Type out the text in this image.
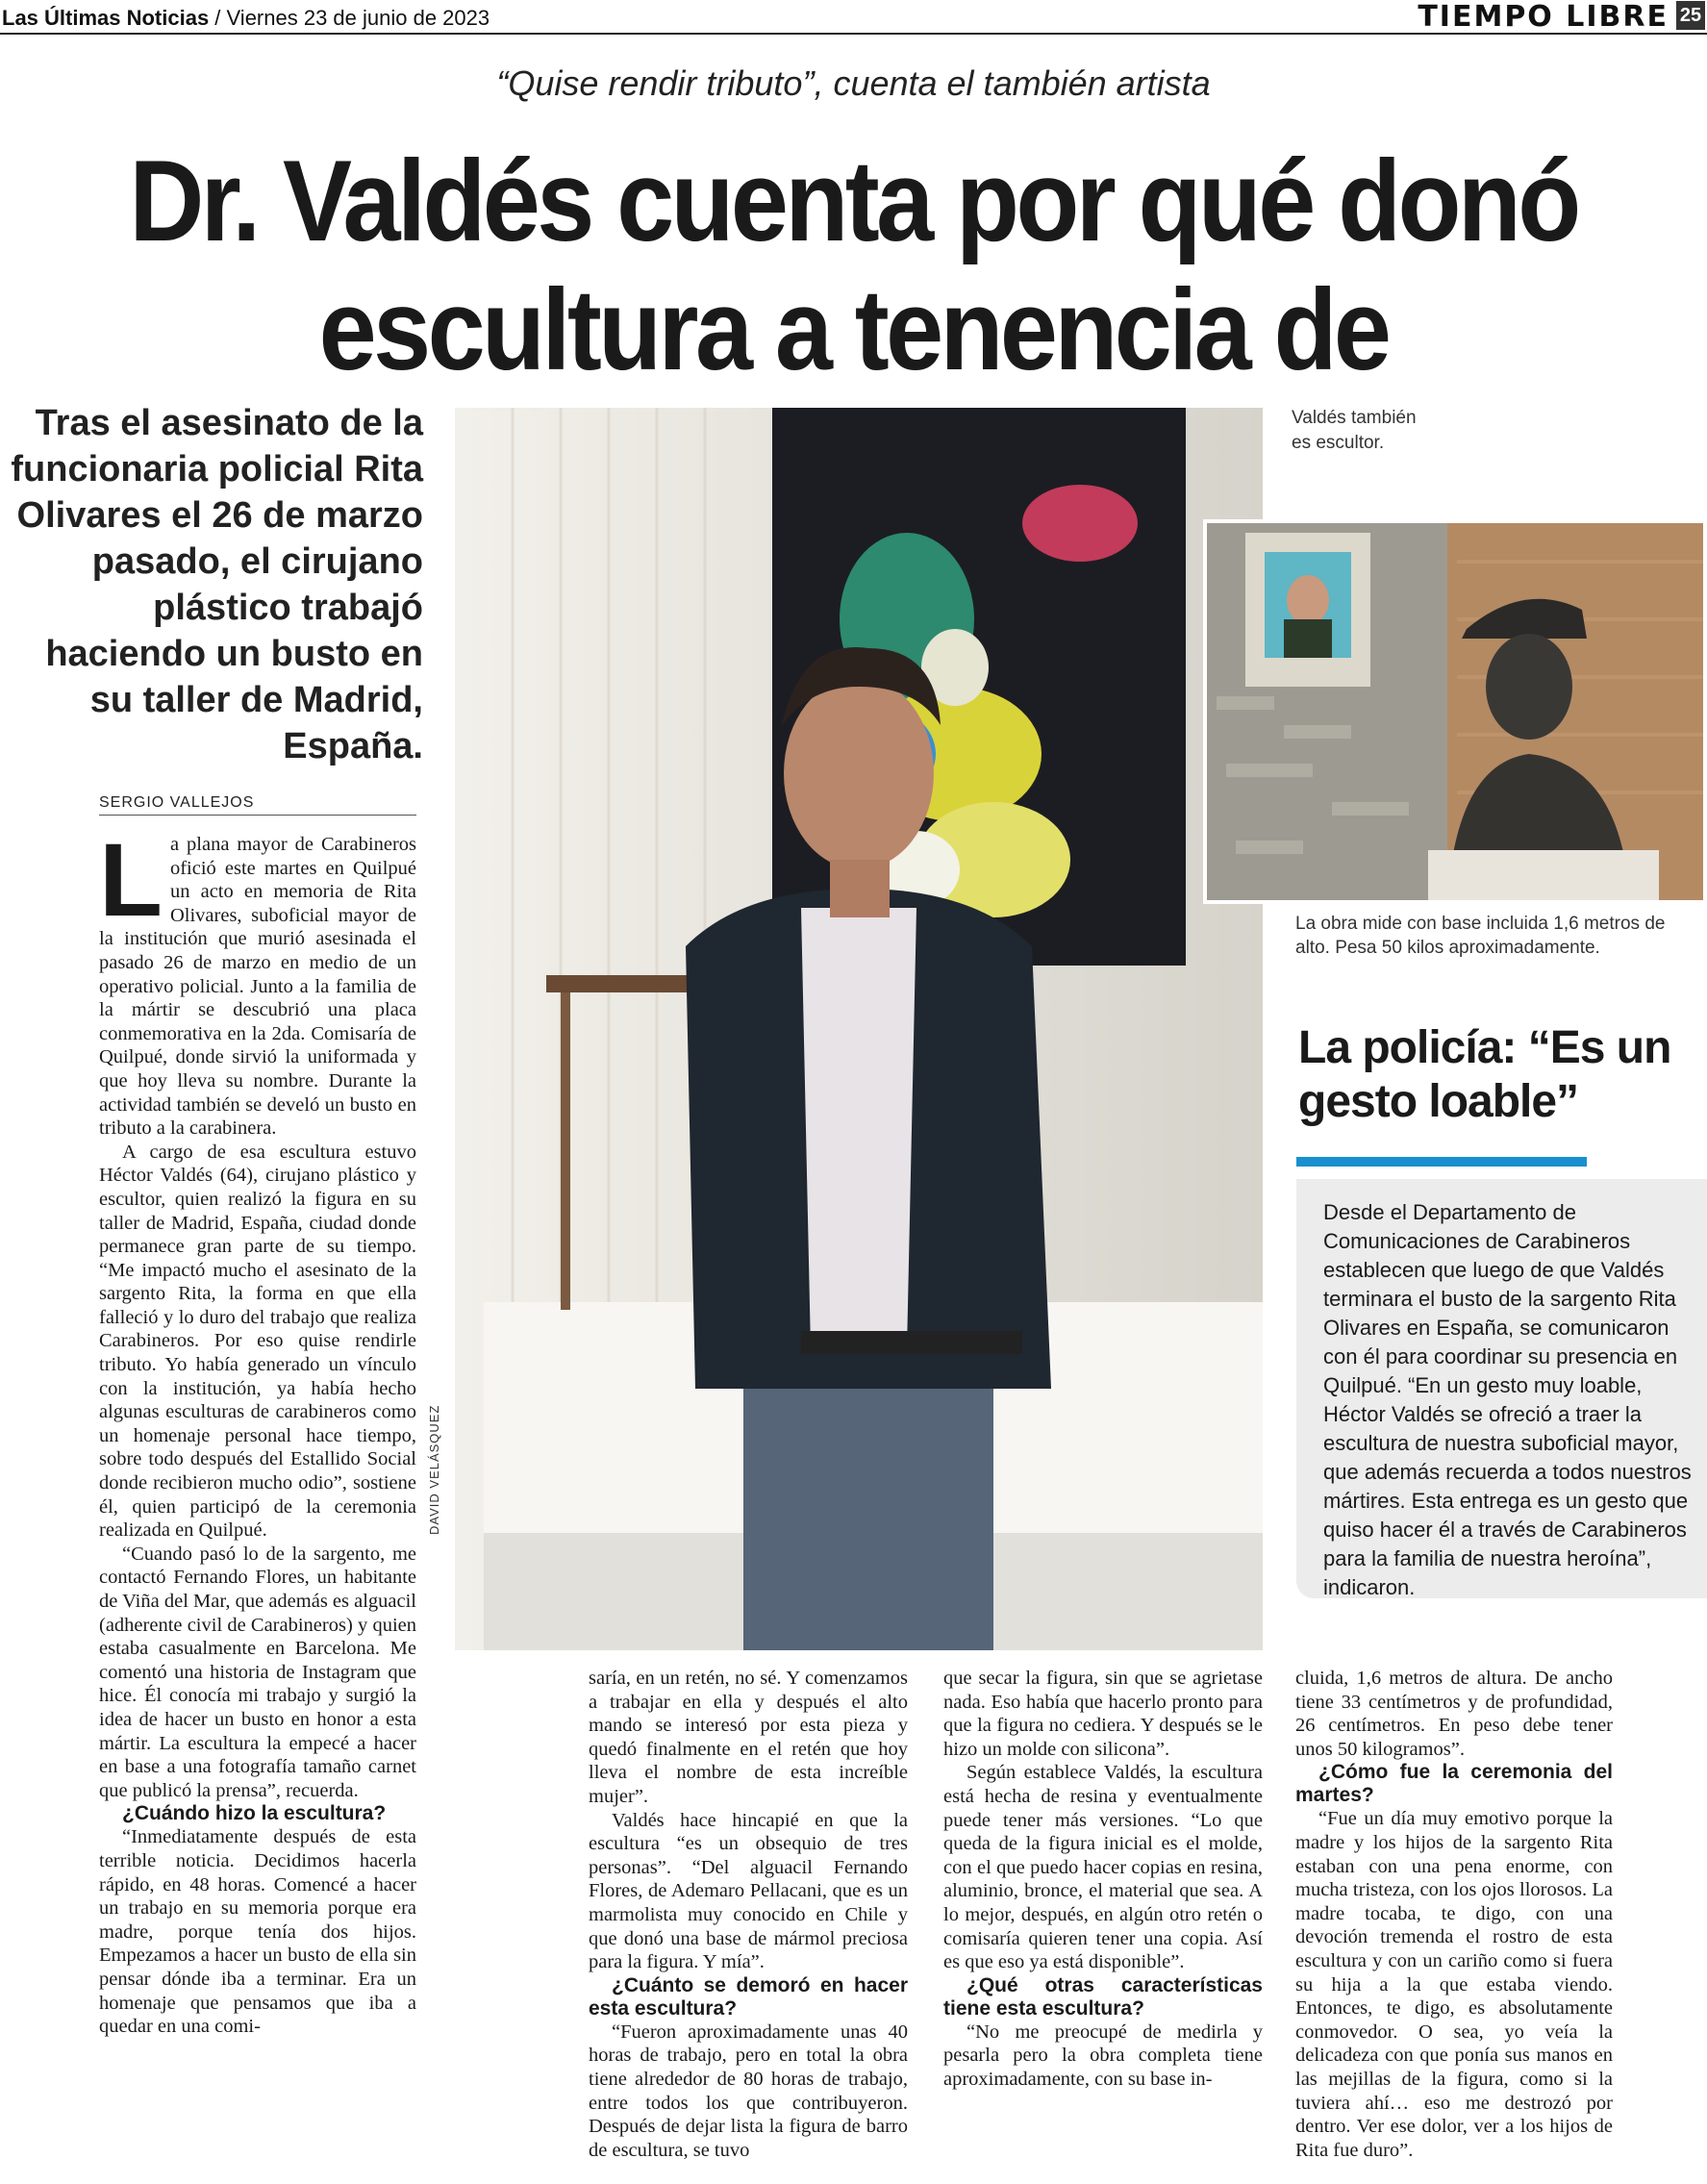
Las Últimas Noticias / Viernes 23 de junio de 2023	TIEMPO LIBRE 25
“Quise rendir tributo”, cuenta el también artista
Dr. Valdés cuenta por qué donó
escultura a tenencia de
Tras el asesinato de la funcionaria policial Rita Olivares el 26 de marzo pasado, el cirujano plástico trabajó haciendo un busto en su taller de Madrid, España.
SERGIO VALLEJOS

La plana mayor de Carabineros ofició este martes en Quilpué un acto en memoria de Rita Olivares, suboficial mayor de la institución que murió asesinada el pasado 26 de marzo en medio de un operativo policial. Junto a la familia de la mártir se descubrió una placa conmemorativa en la 2da. Comisaría de Quilpué, donde sirvió la uniformada y que hoy lleva su nombre. Durante la actividad también se develó un busto en tributo a la carabinera.

A cargo de esa escultura estuvo Héctor Valdés (64), cirujano plástico y escultor, quien realizó la figura en su taller de Madrid, España, ciudad donde permanece gran parte de su tiempo. “Me impactó mucho el asesinato de la sargento Rita, la forma en que ella falleció y lo duro del trabajo que realiza Carabineros. Por eso quise rendirle tributo. Yo había generado un vínculo con la institución, ya había hecho algunas esculturas de carabineros como un homenaje personal hace tiempo, sobre todo después del Estallido Social donde recibieron mucho odio”, sostiene él, quien participó de la ceremonia realizada en Quilpué.

“Cuando pasó lo de la sargento, me contactó Fernando Flores, un habitante de Viña del Mar, que además es alguacil (adherente civil de Carabineros) y quien estaba casualmente en Barcelona. Me comentó una historia de Instagram que hice. Él conocía mi trabajo y surgió la idea de hacer un busto en honor a esta mártir. La escultura la empecé a hacer en base a una fotografía tamaño carnet que publicó la prensa”, recuerda.

¿Cuándo hizo la escultura?

“Inmediatamente después de esta terrible noticia. Decidimos hacerla rápido, en 48 horas. Comencé a hacer un trabajo en su memoria porque era madre, porque tenía dos hijos. Empezamos a hacer un busto de ella sin pensar dónde iba a terminar. Era un homenaje que pensamos que iba a quedar en una comi-

DAVID VELÁSQUEZ
Valdés también es escultor.
La obra mide con base incluida 1,6 metros de alto. Pesa 50 kilos aproximadamente.
La policía: “Es un gesto loable”

Desde el Departamento de Comunicaciones de Carabineros establecen que luego de que Valdés terminara el busto de la sargento Rita Olivares en España, se comunicaron con él para coordinar su presencia en Quilpué. “En un gesto muy loable, Héctor Valdés se ofreció a traer la escultura de nuestra suboficial mayor, que además recuerda a todos nuestros mártires. Esta entrega es un gesto que quiso hacer él a través de Carabineros para la familia de nuestra heroína”, indicaron.

saría, en un retén, no sé. Y comenzamos a trabajar en ella y después el alto mando se interesó por esta pieza y quedó finalmente en el retén que hoy lleva el nombre de esta increíble mujer”.

Valdés hace hincapié en que la escultura “es un obsequio de tres personas”. “Del alguacil Fernando Flores, de Ademaro Pellacani, que es un marmolista muy conocido en Chile y que donó una base de mármol preciosa para la figura. Y mía”.

¿Cuánto se demoró en hacer esta escultura?

“Fueron aproximadamente unas 40 horas de trabajo, pero en total la obra tiene alrededor de 80 horas de trabajo, entre todos los que contribuyeron. Después de dejar lista la figura de barro de escultura, se tuvo

que secar la figura, sin que se agrietase nada. Eso había que hacerlo pronto para que la figura no cediera. Y después se le hizo un molde con silicona”.

Según establece Valdés, la escultura está hecha de resina y eventualmente puede tener más versiones. “Lo que queda de la figura inicial es el molde, con el que puedo hacer copias en resina, aluminio, bronce, el material que sea. A lo mejor, después, en algún otro retén o comisaría quieren tener una copia. Así es que eso ya está disponible”.

¿Qué otras características tiene esta escultura?

“No me preocupé de medirla y pesarla pero la obra completa tiene aproximadamente, con su base in-

cluida, 1,6 metros de altura. De ancho tiene 33 centímetros y de profundidad, 26 centímetros. En peso debe tener unos 50 kilogramos”.

¿Cómo fue la ceremonia del martes?

“Fue un día muy emotivo porque la madre y los hijos de la sargento Rita estaban con una pena enorme, con mucha tristeza, con los ojos llorosos. La madre tocaba, te digo, con una devoción tremenda el rostro de esta escultura y con un cariño como si fuera su hija a la que estaba viendo. Entonces, te digo, es absolutamente conmovedor. O sea, yo veía la delicadeza con que ponía sus manos en las mejillas de la figura, como si la tuviera ahí… eso me destrozó por dentro. Ver ese dolor, ver a los hijos de Rita fue duro”.
